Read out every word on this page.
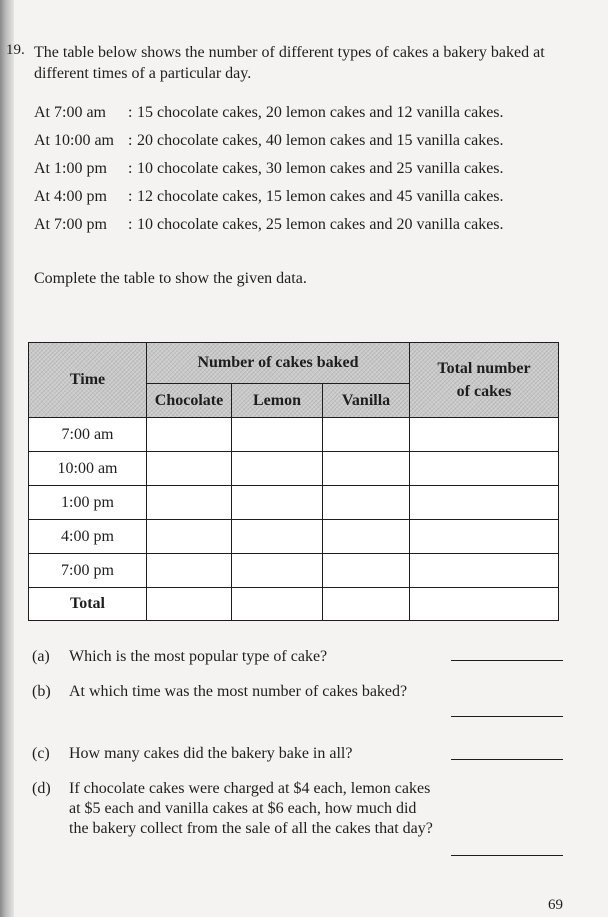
19. The table below shows the number of different types of cakes a bakery baked at different times of a particular day.
At 7:00 am : 15 chocolate cakes, 20 lemon cakes and 12 vanilla cakes.
At 10:00 am : 20 chocolate cakes, 40 lemon cakes and 15 vanilla cakes.
At 1:00 pm : 10 chocolate cakes, 30 lemon cakes and 25 vanilla cakes.
At 4:00 pm : 12 chocolate cakes, 15 lemon cakes and 45 vanilla cakes.
At 7:00 pm : 10 chocolate cakes, 25 lemon cakes and 20 vanilla cakes.
Complete the table to show the given data.
Time
Number of cakes baked
Chocolate	Lemon	Vanilla
Total number
of cakes
7:00 am
10:00 am
1:00 pm
4:00 pm
7:00 pm
Total
(a) Which is the most popular type of cake?
(b) At which time was the most number of cakes baked?
(c) How many cakes did the bakery bake in all?
(d) If chocolate cakes were charged at $4 each, lemon cakes at $5 each and vanilla cakes at $6 each, how much did the bakery collect from the sale of all the cakes that day?
69
